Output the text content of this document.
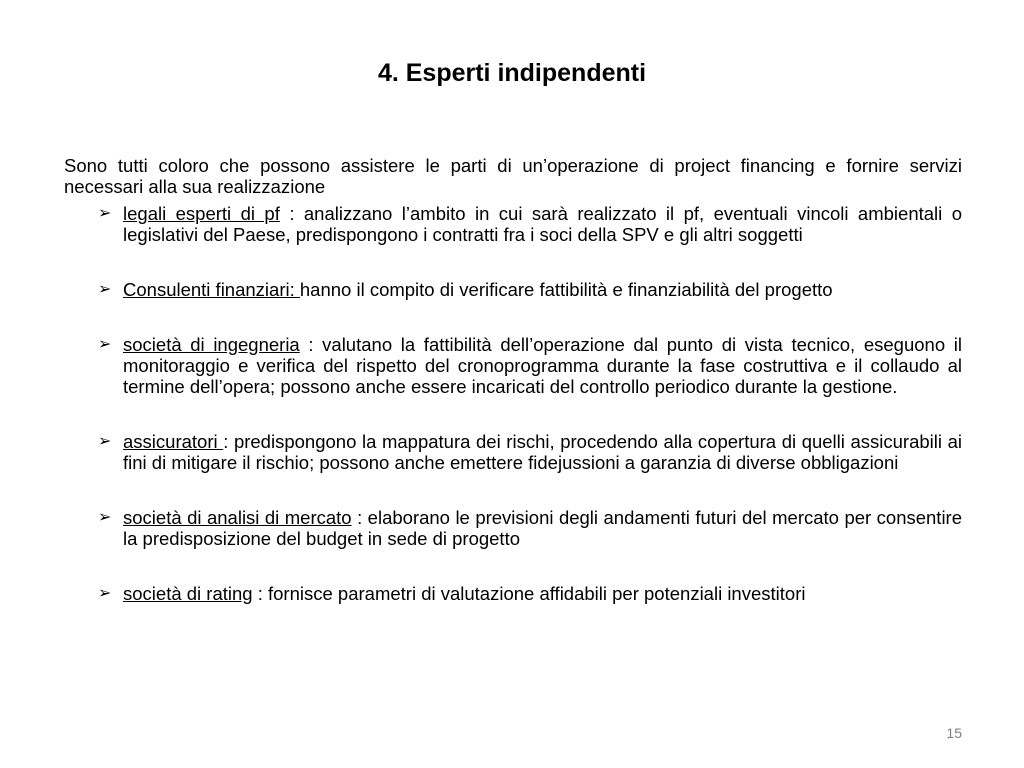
4. Esperti indipendenti

Sono tutti coloro che possono assistere le parti di un’operazione di project financing e fornire servizi necessari alla sua realizzazione

➢ legali esperti di pf : analizzano l’ambito in cui sarà realizzato il pf, eventuali vincoli ambientali o legislativi del Paese, predispongono i contratti fra i soci della SPV e gli altri soggetti
➢ Consulenti finanziari: hanno il compito di verificare fattibilità e finanziabilità del progetto
➢ società di ingegneria : valutano la fattibilità dell’operazione dal punto di vista tecnico, eseguono il monitoraggio e verifica del rispetto del cronoprogramma durante la fase costruttiva e il collaudo al termine dell’opera; possono anche essere incaricati del controllo periodico durante la gestione.
➢ assicuratori : predispongono la mappatura dei rischi, procedendo alla copertura di quelli assicurabili ai fini di mitigare il rischio; possono anche emettere fidejussioni a garanzia di diverse obbligazioni
➢ società di analisi di mercato : elaborano le previsioni degli andamenti futuri del mercato per consentire la predisposizione del budget in sede di progetto
➢ società di rating : fornisce parametri di valutazione affidabili per potenziali investitori

15
